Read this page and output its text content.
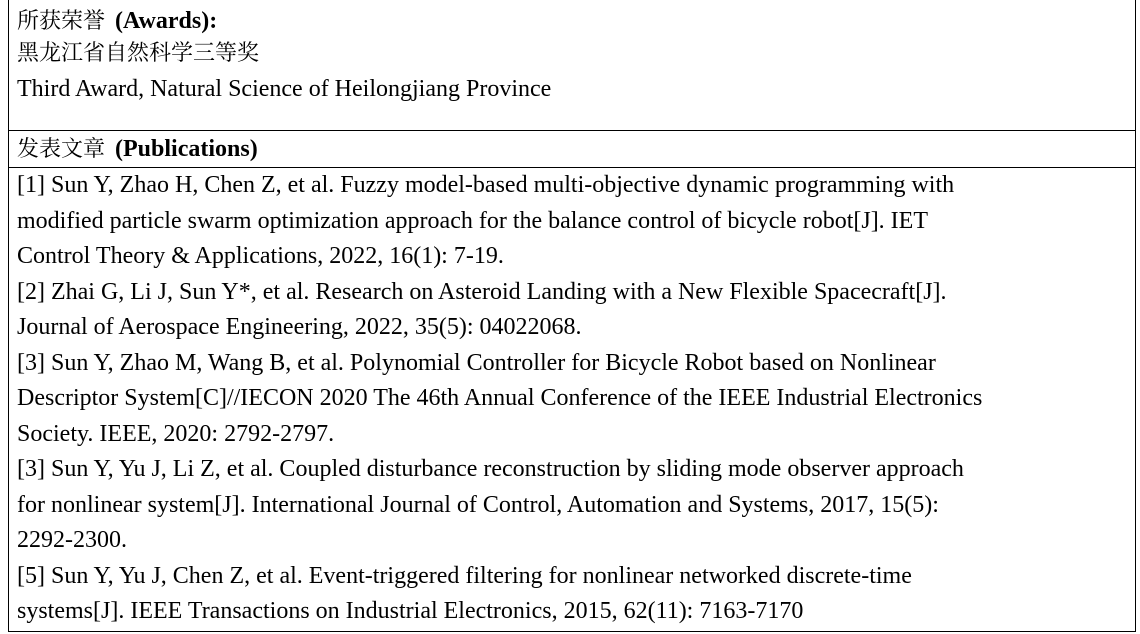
所获荣誉 (Awards):
黑龙江省自然科学三等奖
Third Award, Natural Science of Heilongjiang Province
发表文章 (Publications)
[1] Sun Y, Zhao H, Chen Z, et al. Fuzzy model-based multi-objective dynamic programming with
modified particle swarm optimization approach for the balance control of bicycle robot[J]. IET
Control Theory & Applications, 2022, 16(1): 7-19.
[2] Zhai G, Li J, Sun Y*, et al. Research on Asteroid Landing with a New Flexible Spacecraft[J].
Journal of Aerospace Engineering, 2022, 35(5): 04022068.
[3] Sun Y, Zhao M, Wang B, et al. Polynomial Controller for Bicycle Robot based on Nonlinear
Descriptor System[C]//IECON 2020 The 46th Annual Conference of the IEEE Industrial Electronics
Society. IEEE, 2020: 2792-2797.
[3] Sun Y, Yu J, Li Z, et al. Coupled disturbance reconstruction by sliding mode observer approach
for nonlinear system[J]. International Journal of Control, Automation and Systems, 2017, 15(5):
2292-2300.
[5] Sun Y, Yu J, Chen Z, et al. Event-triggered filtering for nonlinear networked discrete-time
systems[J]. IEEE Transactions on Industrial Electronics, 2015, 62(11): 7163-7170
